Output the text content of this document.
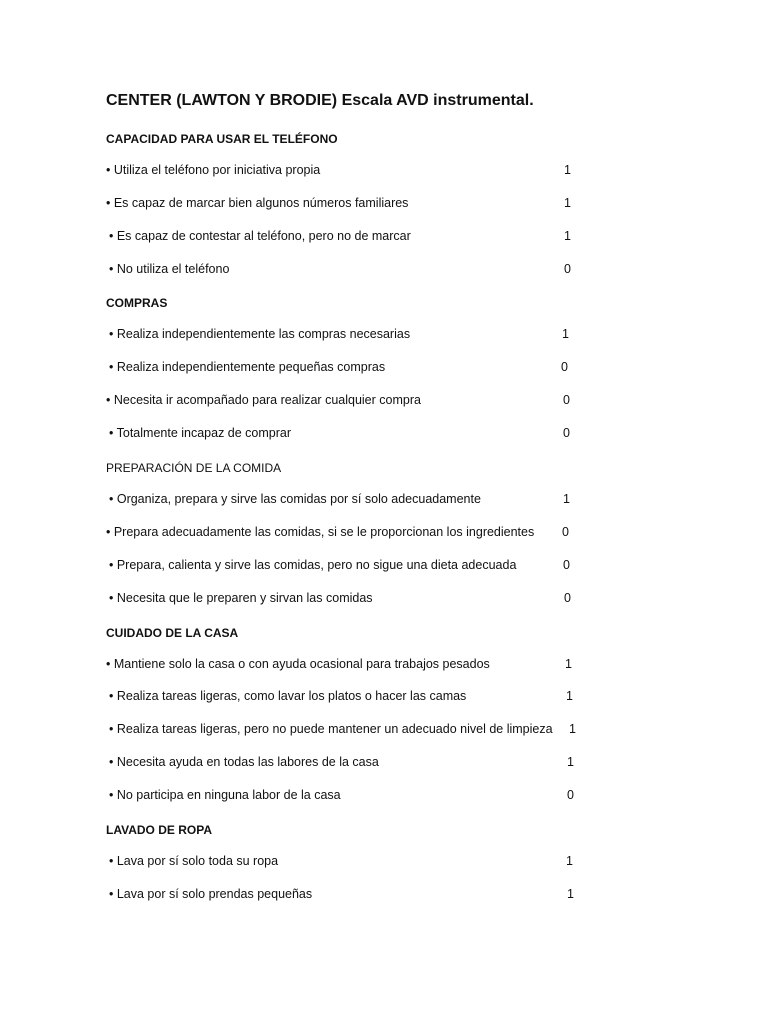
CENTER (LAWTON Y BRODIE) Escala AVD instrumental.
CAPACIDAD PARA USAR EL TELÉFONO
• Utiliza el teléfono por iniciativa propia	1
• Es capaz de marcar bien algunos números familiares	1
• Es capaz de contestar al teléfono, pero no de marcar	1
• No utiliza el teléfono	0
COMPRAS
• Realiza independientemente las compras necesarias	1
• Realiza independientemente pequeñas compras	0
• Necesita ir acompañado para realizar cualquier compra	0
• Totalmente incapaz de comprar	0
PREPARACIÓN DE LA COMIDA
• Organiza, prepara y sirve las comidas por sí solo adecuadamente	1
• Prepara adecuadamente las comidas, si se le proporcionan los ingredientes 0
• Prepara, calienta y sirve las comidas, pero no sigue una dieta adecuada	0
• Necesita que le preparen y sirvan las comidas	0
CUIDADO DE LA CASA
• Mantiene solo la casa o con ayuda ocasional para trabajos pesados	1
• Realiza tareas ligeras, como lavar los platos o hacer las camas	1
• Realiza tareas ligeras, pero no puede mantener un adecuado nivel de limpieza 1
• Necesita ayuda en todas las labores de la casa	1
• No participa en ninguna labor de la casa	0
LAVADO DE ROPA
• Lava por sí solo toda su ropa	1
• Lava por sí solo prendas pequeñas	1
